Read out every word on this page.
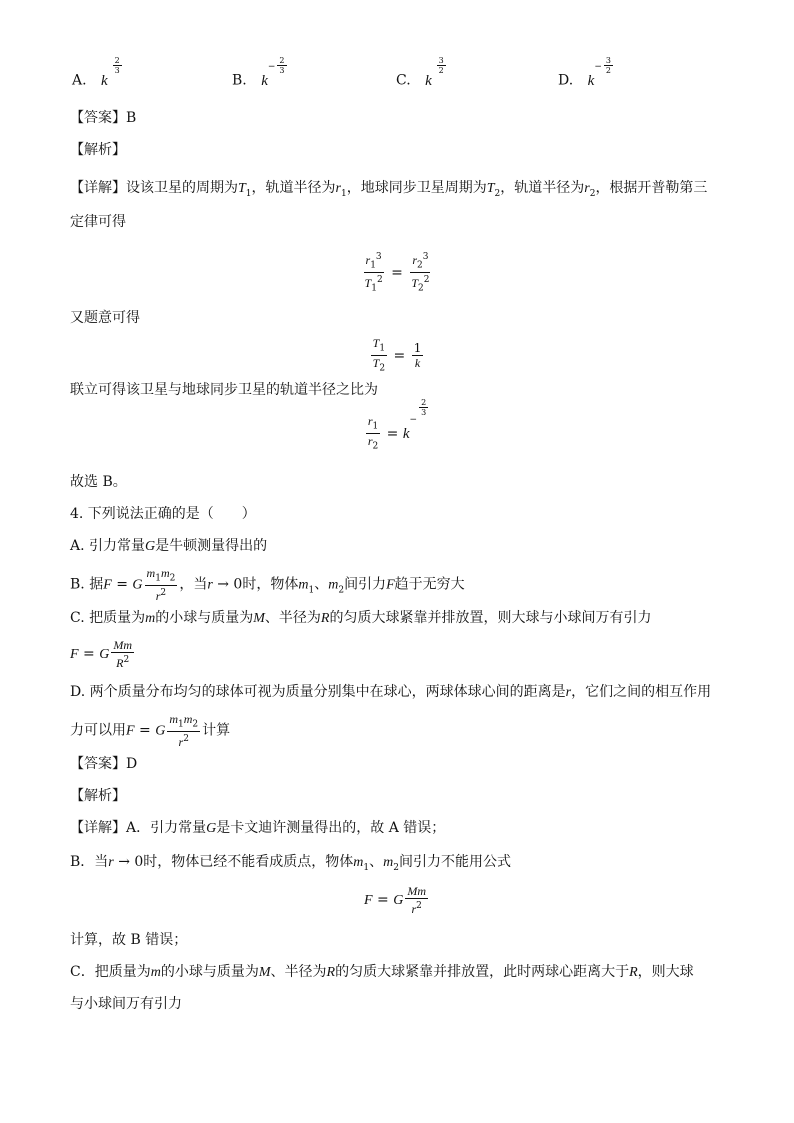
A. k
$^{\frac{2}{3}}$
B. $k^{- \frac{2}{3}}$
C. k
$^{\frac{3}{2}}$
D. $k^{- \frac{3}{2}}$
【答案】B
【解析】
【详解】设该卫星的周期为$T_1$，轨道半径为$r_1$，地球同步卫星周期为$T_2$，轨道半径为$r_2$，根据开普勒第三
定律可得
$\frac{r_1^3}{T_1^2} = \frac{r_2^3}{T_2^2}$
又题意可得
$\frac{T_1}{T_2} = \frac{1}{k}$
联立可得该卫星与地球同步卫星的轨道半径之比为
$\frac{r_1}{r_2} = k^{- \frac{2}{3}}$
故选 B。
4. 下列说法正确的是（　　）
A. 引力常量G是牛顿测量得出的
B. 据F = G $\frac{m_1m_2}{r^2}$ ，当r → 0时，物体$m_1$、$m_2$间引力F趋于无穷大
C. 把质量为m的小球与质量为M、半径为R的匀质大球紧靠并排放置，则大球与小球间万有引力
F = G $\frac{Mm}{R^2}$
D. 两个质量分布均匀的球体可视为质量分别集中在球心，两球体球心间的距离是r，它们之间的相互作用
力可以用F = G $\frac{m_1m_2}{r^2}$ 计算
【答案】D
【解析】
【详解】A．引力常量G是卡文迪许测量得出的，故 A 错误；
B．当r → 0时，物体已经不能看成质点，物体$m_1$、$m_2$间引力不能用公式
F = G $\frac{Mm}{r^2}$
计算，故 B 错误；
C．把质量为m的小球与质量为M、半径为R的匀质大球紧靠并排放置，此时两球心距离大于R，则大球
与小球间万有引力
